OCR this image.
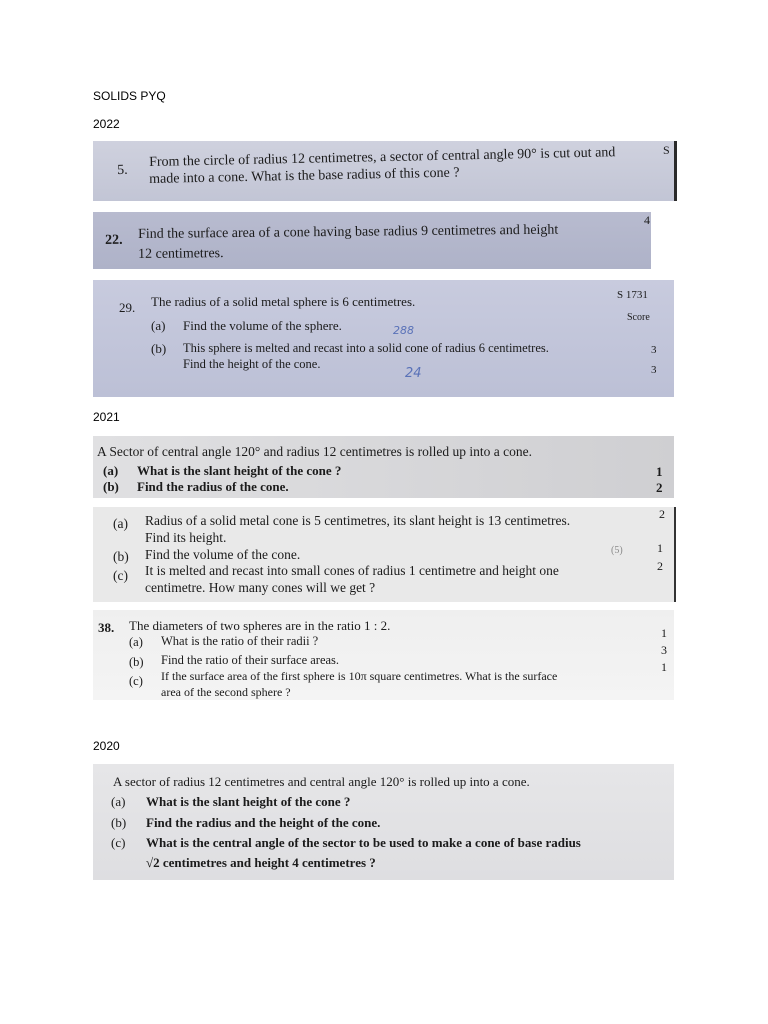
SOLIDS PYQ
2022
2021
2020
5.
From the circle of radius 12 centimetres, a sector of central angle 90° is cut out and
made into a cone. What is the base radius of this cone ?
S
22. Find the surface area of a cone having base radius 9 centimetres and height
12 centimetres.
4
29. The radius of a solid metal sphere is 6 centimetres.
(a) Find the volume of the sphere.
(b) This sphere is melted and recast into a solid cone of radius 6 centimetres.
Find the height of the cone.
S 1731
Score
3
3
288
24
A Sector of central angle 120° and radius 12 centimetres is rolled up into a cone.
(a) What is the slant height of the cone ?
(b) Find the radius of the cone.
1
2
(a) Radius of a solid metal cone is 5 centimetres, its slant height is 13 centimetres.
Find its height.
(b) Find the volume of the cone.
(c) It is melted and recast into small cones of radius 1 centimetre and height one
centimetre. How many cones will we get ?
2
1
2
(5)
38. The diameters of two spheres are in the ratio 1 : 2.
(a) What is the ratio of their radii ?
(b) Find the ratio of their surface areas.
(c) If the surface area of the first sphere is 10π square centimetres. What is the surface
area of the second sphere ?
1
3
1
A sector of radius 12 centimetres and central angle 120° is rolled up into a cone.
(a) What is the slant height of the cone ?
(b) Find the radius and the height of the cone.
(c) What is the central angle of the sector to be used to make a cone of base radius
√2 centimetres and height 4 centimetres ?
